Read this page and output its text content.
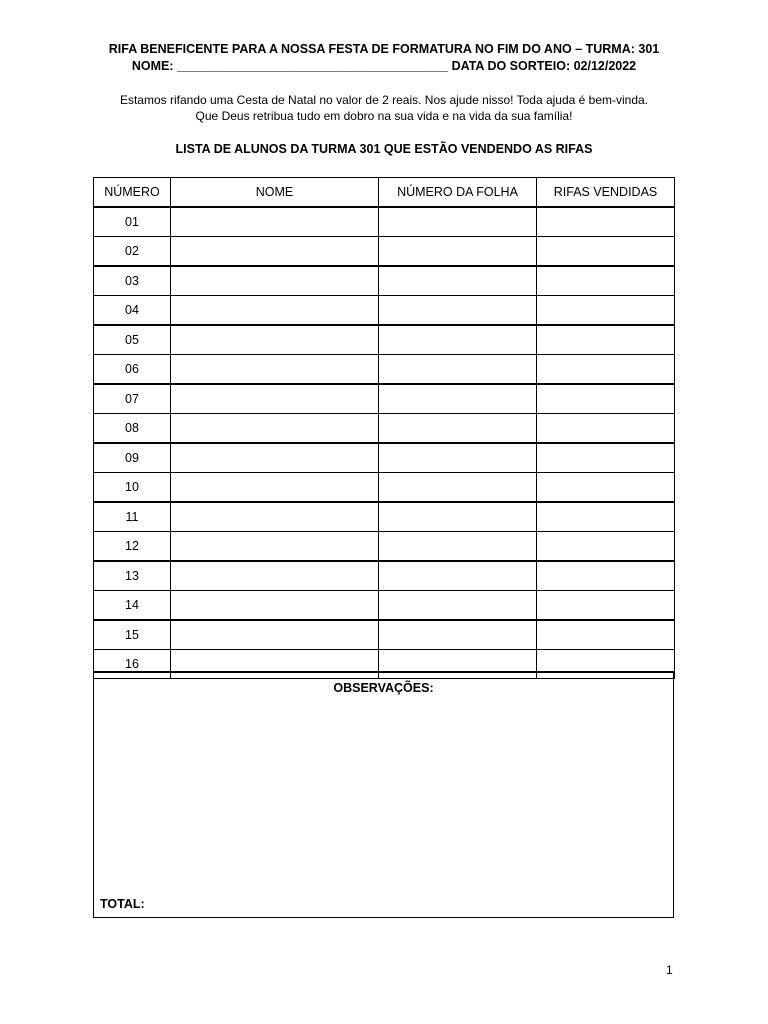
RIFA BENEFICENTE PARA A NOSSA FESTA DE FORMATURA NO FIM DO ANO – TURMA: 301
NOME: _______________________________________ DATA DO SORTEIO: 02/12/2022
Estamos rifando uma Cesta de Natal no valor de 2 reais. Nos ajude nisso! Toda ajuda é bem-vinda.
Que Deus retribua tudo em dobro na sua vida e na vida da sua família!
LISTA DE ALUNOS DA TURMA 301 QUE ESTÃO VENDENDO AS RIFAS
NÚMERO	NOME	NÚMERO DA FOLHA	RIFAS VENDIDAS
01			
02			
03			
04			
05			
06			
07			
08			
09			
10			
11			
12			
13			
14			
15			
16			
OBSERVAÇÕES:
TOTAL:
1
